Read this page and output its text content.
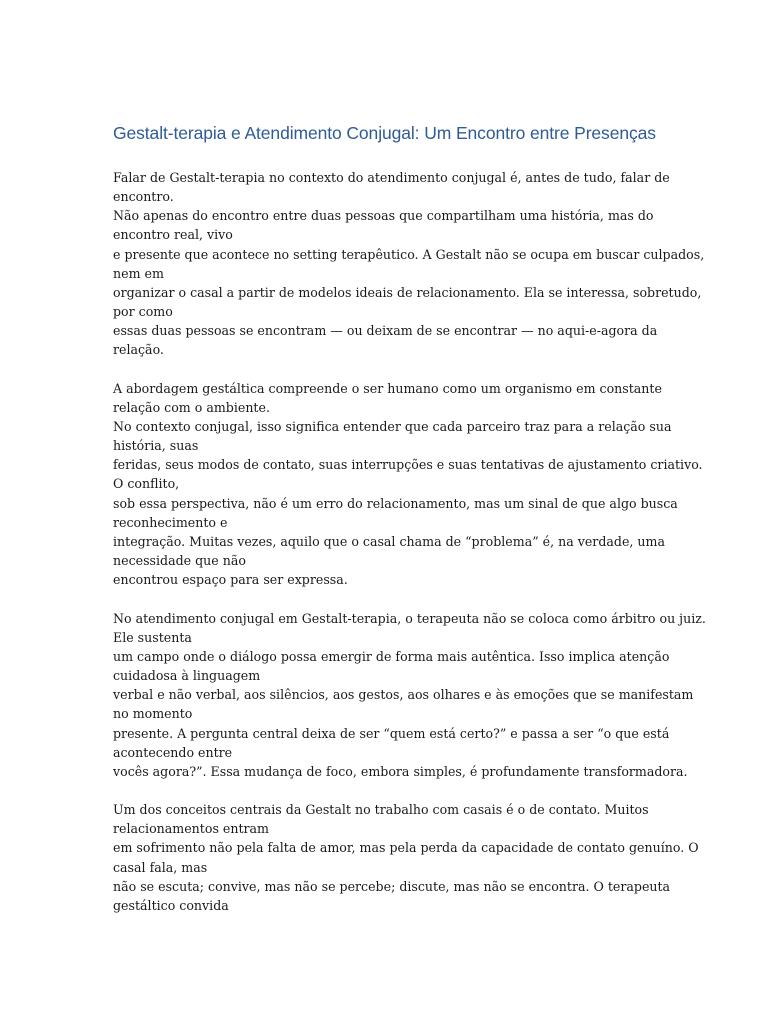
Gestalt-terapia e Atendimento Conjugal: Um Encontro entre Presenças

Falar de Gestalt-terapia no contexto do atendimento conjugal é, antes de tudo, falar de
encontro.
Não apenas do encontro entre duas pessoas que compartilham uma história, mas do
encontro real, vivo
e presente que acontece no setting terapêutico. A Gestalt não se ocupa em buscar culpados,
nem em
organizar o casal a partir de modelos ideais de relacionamento. Ela se interessa, sobretudo,
por como
essas duas pessoas se encontram — ou deixam de se encontrar — no aqui-e-agora da
relação.

A abordagem gestáltica compreende o ser humano como um organismo em constante
relação com o ambiente.
No contexto conjugal, isso significa entender que cada parceiro traz para a relação sua
história, suas
feridas, seus modos de contato, suas interrupções e suas tentativas de ajustamento criativo.
O conflito,
sob essa perspectiva, não é um erro do relacionamento, mas um sinal de que algo busca
reconhecimento e
integração. Muitas vezes, aquilo que o casal chama de “problema” é, na verdade, uma
necessidade que não
encontrou espaço para ser expressa.

No atendimento conjugal em Gestalt-terapia, o terapeuta não se coloca como árbitro ou juiz.
Ele sustenta
um campo onde o diálogo possa emergir de forma mais autêntica. Isso implica atenção
cuidadosa à linguagem
verbal e não verbal, aos silêncios, aos gestos, aos olhares e às emoções que se manifestam
no momento
presente. A pergunta central deixa de ser “quem está certo?” e passa a ser “o que está
acontecendo entre
vocês agora?”. Essa mudança de foco, embora simples, é profundamente transformadora.

Um dos conceitos centrais da Gestalt no trabalho com casais é o de contato. Muitos
relacionamentos entram
em sofrimento não pela falta de amor, mas pela perda da capacidade de contato genuíno. O
casal fala, mas
não se escuta; convive, mas não se percebe; discute, mas não se encontra. O terapeuta
gestáltico convida
